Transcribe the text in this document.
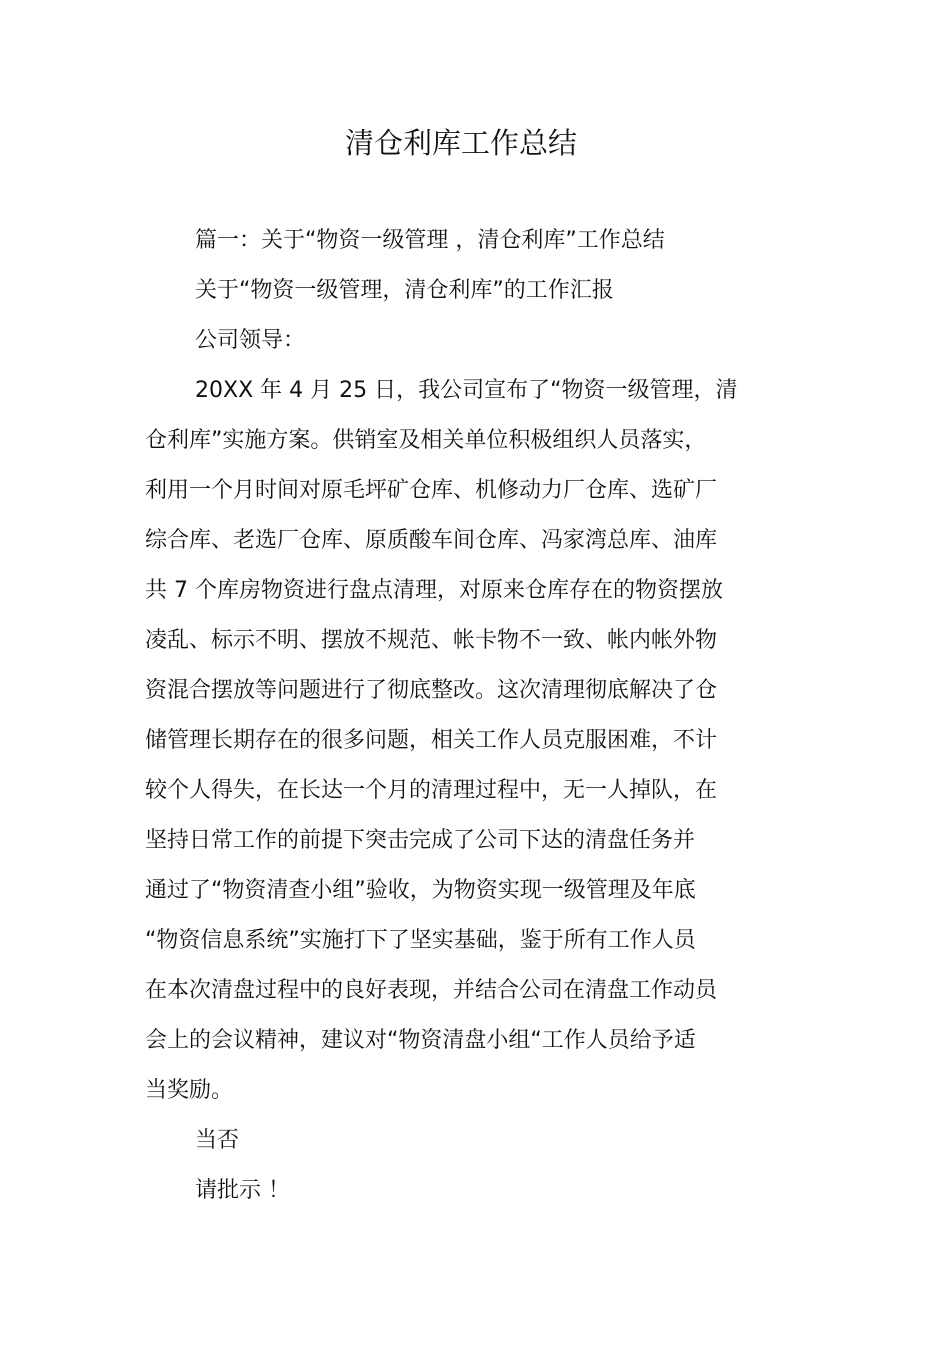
清仓利库工作总结
篇一：关于“物资一级管理 ，清仓利库”工作总结
关于“物资一级管理，清仓利库”的工作汇报
公司领导：
20XX 年 4 月 25 日，我公司宣布了“物资一级管理，清
仓利库”实施方案。供销室及相关单位积极组织人员落实，
利用一个月时间对原毛坪矿仓库、机修动力厂仓库、选矿厂
综合库、老选厂仓库、原质酸车间仓库、冯家湾总库、油库
共 7 个库房物资进行盘点清理，对原来仓库存在的物资摆放
凌乱、标示不明、摆放不规范、帐卡物不一致、帐内帐外物
资混合摆放等问题进行了彻底整改。这次清理彻底解决了仓
储管理长期存在的很多问题，相关工作人员克服困难，不计
较个人得失，在长达一个月的清理过程中，无一人掉队，在
坚持日常工作的前提下突击完成了公司下达的清盘任务并
通过了“物资清查小组”验收，为物资实现一级管理及年底
“物资信息系统”实施打下了坚实基础，鉴于所有工作人员
在本次清盘过程中的良好表现，并结合公司在清盘工作动员
会上的会议精神，建议对“物资清盘小组“工作人员给予适
当奖励。
当否
请批示 ！
